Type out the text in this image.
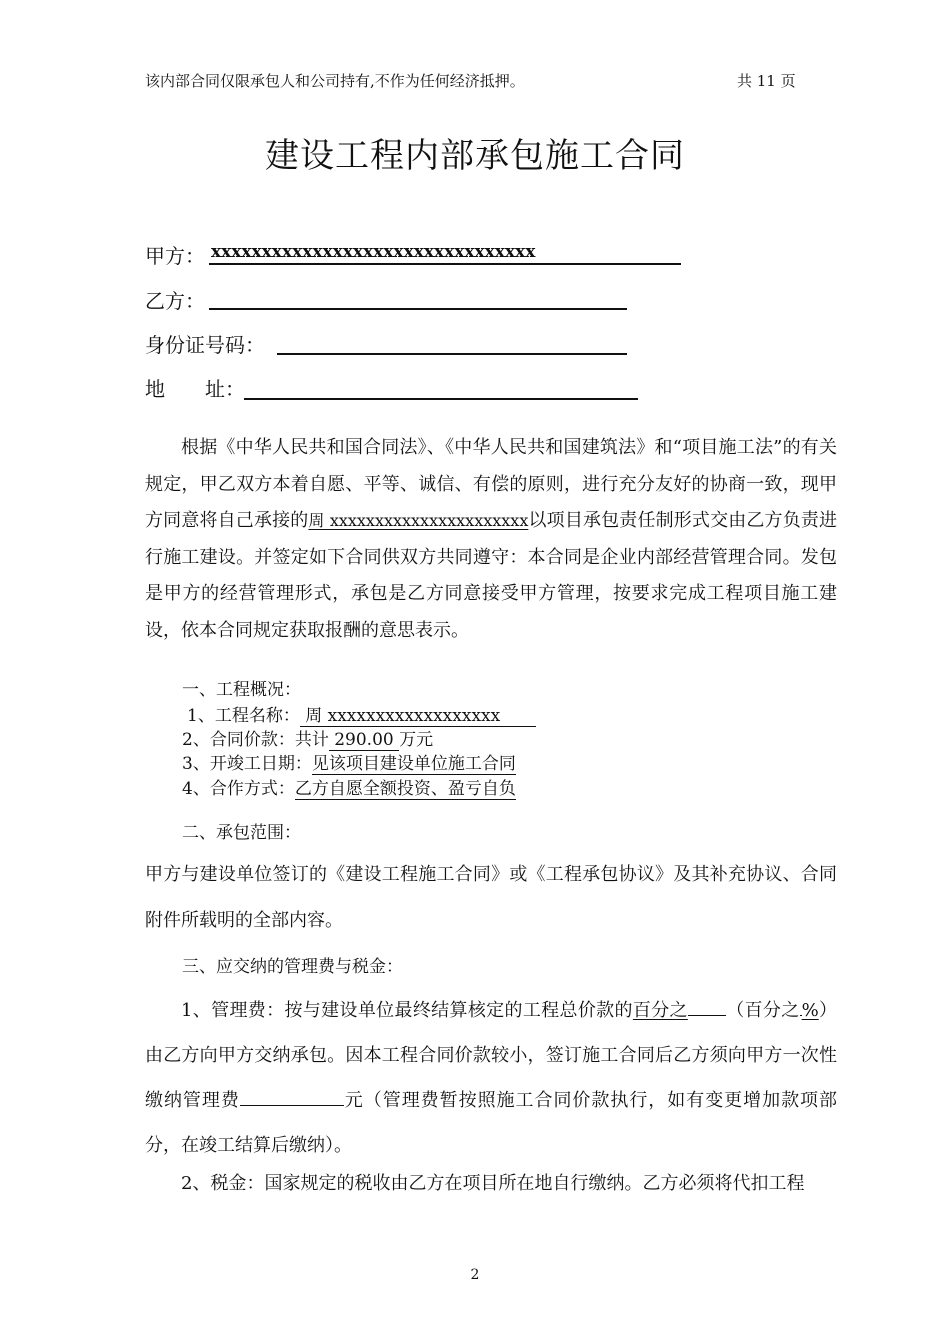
该内部合同仅限承包人和公司持有,不作为任何经济抵押。	共 11 页
建设工程内部承包施工合同
甲方： xxxxxxxxxxxxxxxxxxxxxxxxxxxxxxxx
乙方：
身份证号码：
地　　址：
根据《中华人民共和国合同法》、《中华人民共和国建筑法》和“项目施工法”的有关规定，甲乙双方本着自愿、平等、诚信、有偿的原则，进行充分友好的协商一致，现甲方同意将自己承接的周 xxxxxxxxxxxxxxxxxxxxxx以项目承包责任制形式交由乙方负责进行施工建设。并签定如下合同供双方共同遵守：本合同是企业内部经营管理合同。发包是甲方的经营管理形式，承包是乙方同意接受甲方管理，按要求完成工程项目施工建设，依本合同规定获取报酬的意思表示。
一、工程概况：
1、工程名称： 周 xxxxxxxxxxxxxxxxxx
2、合同价款：共计 290.00 万元
3、开竣工日期：见该项目建设单位施工合同
4、合作方式：乙方自愿全额投资、盈亏自负
二、承包范围：
甲方与建设单位签订的《建设工程施工合同》或《工程承包协议》及其补充协议、合同附件所载明的全部内容。
三、应交纳的管理费与税金：
1、管理费：按与建设单位最终结算核定的工程总价款的百分之 （百分之 %）由乙方向甲方交纳承包。因本工程合同价款较小，签订施工合同后乙方须向甲方一次性缴纳管理费	元（管理费暂按照施工合同价款执行，如有变更增加款项部分，在竣工结算后缴纳）。
2、税金：国家规定的税收由乙方在项目所在地自行缴纳。乙方必须将代扣工程
2
